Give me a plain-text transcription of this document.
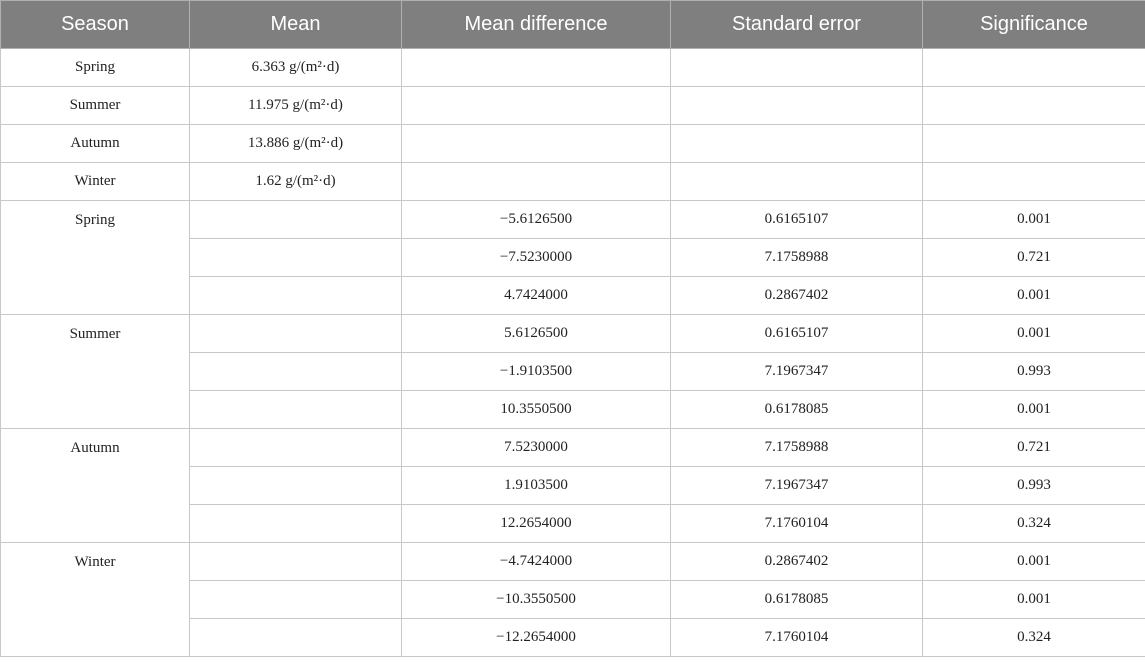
Season	Mean	Mean difference	Standard error	Significance
Spring	6.363 g/(m²·d)			
Summer	11.975 g/(m²·d)			
Autumn	13.886 g/(m²·d)			
Winter	1.62 g/(m²·d)			
Spring		−5.6126500	0.6165107	0.001
		−7.5230000	7.1758988	0.721
		4.7424000	0.2867402	0.001
Summer		5.6126500	0.6165107	0.001
		−1.9103500	7.1967347	0.993
		10.3550500	0.6178085	0.001
Autumn		7.5230000	7.1758988	0.721
		1.9103500	7.1967347	0.993
		12.2654000	7.1760104	0.324
Winter		−4.7424000	0.2867402	0.001
		−10.3550500	0.6178085	0.001
		−12.2654000	7.1760104	0.324
